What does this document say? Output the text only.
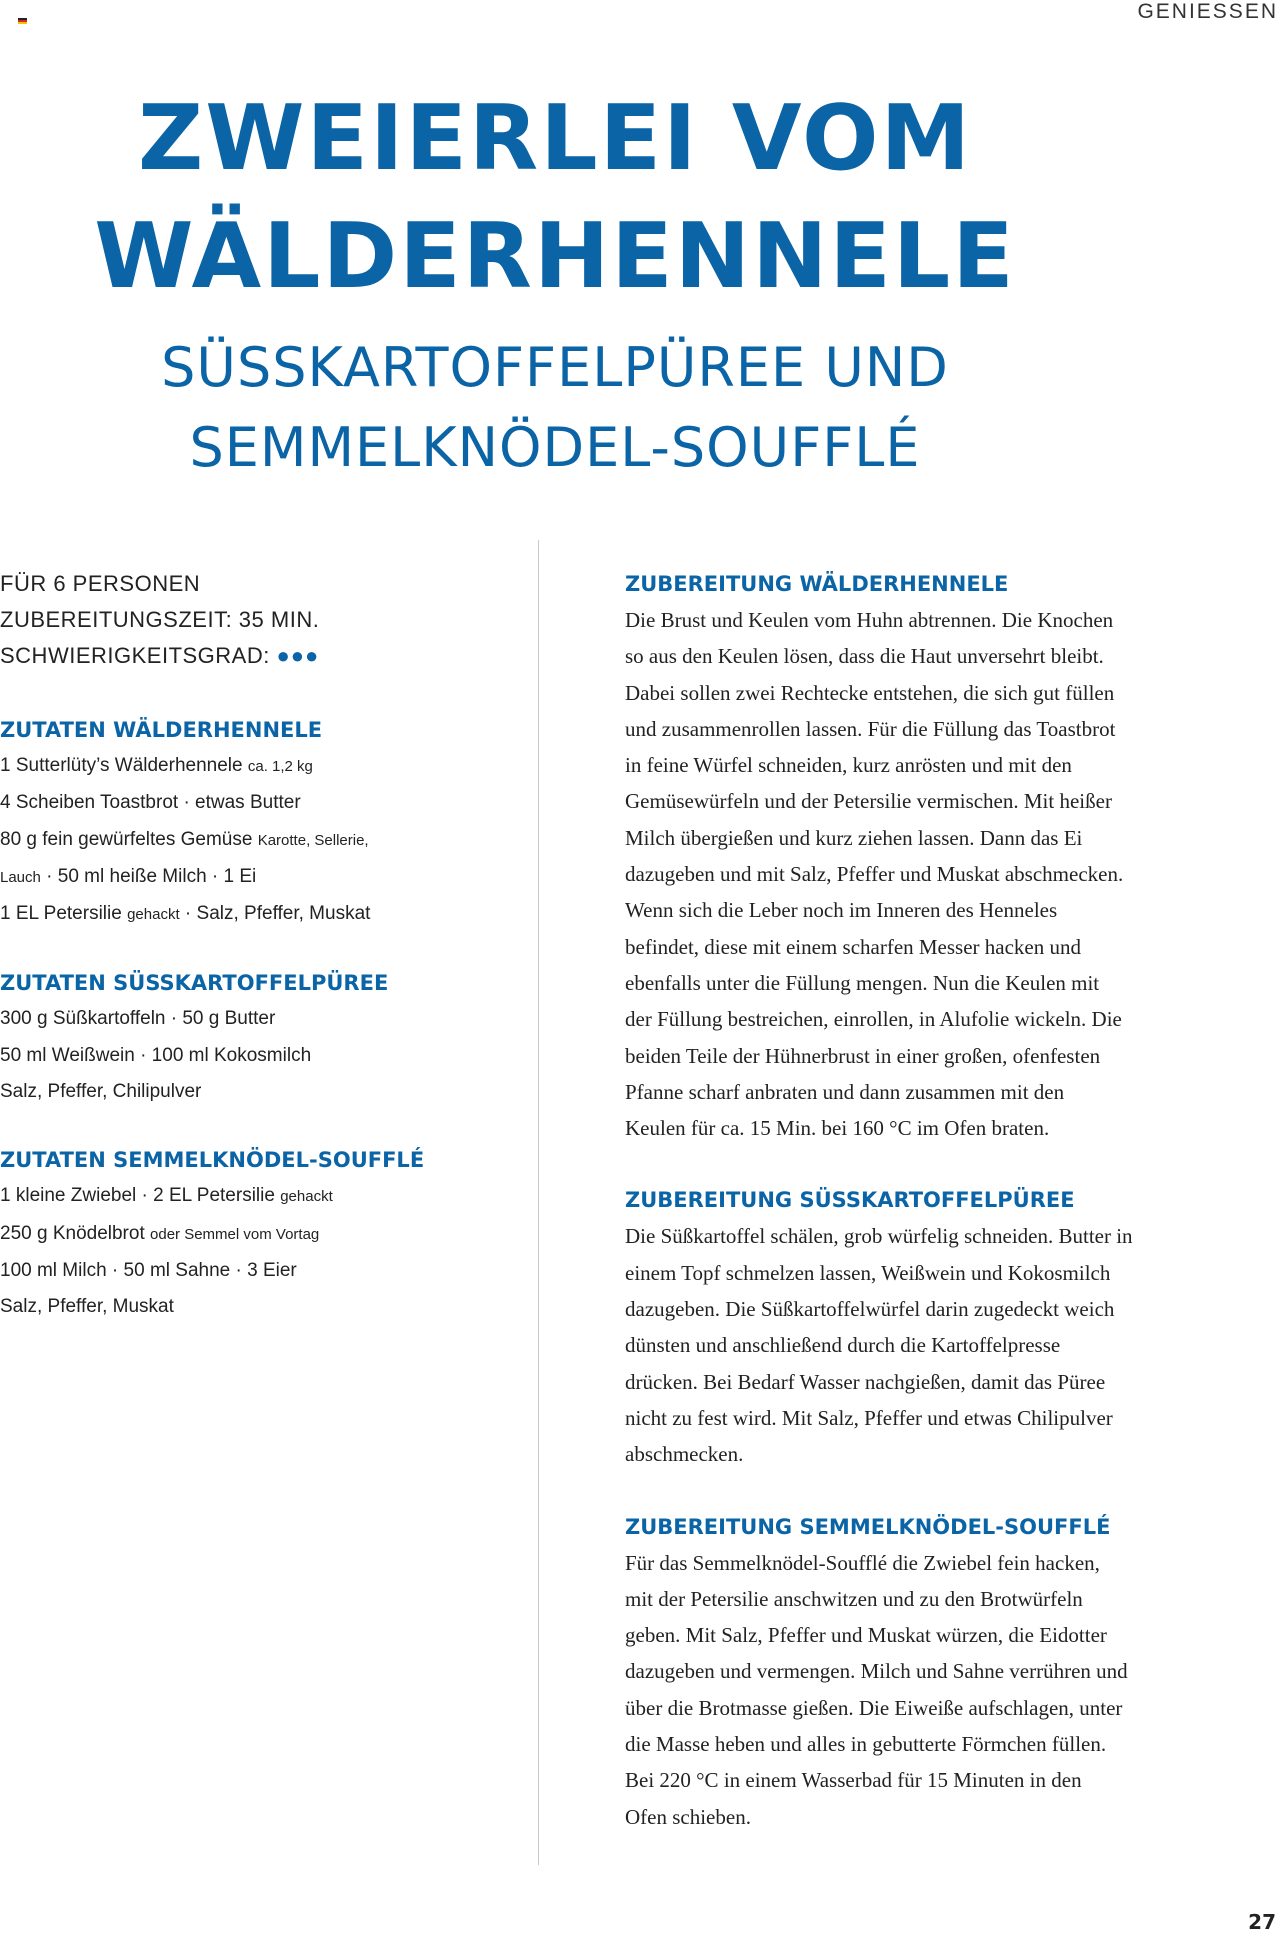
GENIESSEN
ZWEIERLEI VOM
WÄLDERHENNELE
SÜSSKARTOFFELPÜREE UND
SEMMELKNÖDEL-SOUFFLÉ
FÜR 6 PERSONEN
ZUBEREITUNGSZEIT: 35 MIN.
SCHWIERIGKEITSGRAD: ●●●
ZUTATEN WÄLDERHENNELE
1 Sutterlüty’s Wälderhennele ca. 1,2 kg
4 Scheiben Toastbrot · etwas Butter
80 g fein gewürfeltes Gemüse Karotte, Sellerie,
Lauch · 50 ml heiße Milch · 1 Ei
1 EL Petersilie gehackt · Salz, Pfeffer, Muskat
ZUTATEN SÜSSKARTOFFELPÜREE
300 g Süßkartoffeln · 50 g Butter
50 ml Weißwein · 100 ml Kokosmilch
Salz, Pfeffer, Chilipulver
ZUTATEN SEMMELKNÖDEL-SOUFFLÉ
1 kleine Zwiebel · 2 EL Petersilie gehackt
250 g Knödelbrot oder Semmel vom Vortag
100 ml Milch · 50 ml Sahne · 3 Eier
Salz, Pfeffer, Muskat
ZUBEREITUNG WÄLDERHENNELE
Die Brust und Keulen vom Huhn abtrennen. Die Knochen
so aus den Keulen lösen, dass die Haut unversehrt bleibt.
Dabei sollen zwei Rechtecke entstehen, die sich gut füllen
und zusammenrollen lassen. Für die Füllung das Toastbrot
in feine Würfel schneiden, kurz anrösten und mit den
Gemüsewürfeln und der Petersilie vermischen. Mit heißer
Milch übergießen und kurz ziehen lassen. Dann das Ei
dazugeben und mit Salz, Pfeffer und Muskat abschmecken.
Wenn sich die Leber noch im Inneren des Henneles
befindet, diese mit einem scharfen Messer hacken und
ebenfalls unter die Füllung mengen. Nun die Keulen mit
der Füllung bestreichen, einrollen, in Alufolie wickeln. Die
beiden Teile der Hühnerbrust in einer großen, ofenfesten
Pfanne scharf anbraten und dann zusammen mit den
Keulen für ca. 15 Min. bei 160 °C im Ofen braten.
ZUBEREITUNG SÜSSKARTOFFELPÜREE
Die Süßkartoffel schälen, grob würfelig schneiden. Butter in
einem Topf schmelzen lassen, Weißwein und Kokosmilch
dazugeben. Die Süßkartoffelwürfel darin zugedeckt weich
dünsten und anschließend durch die Kartoffelpresse
drücken. Bei Bedarf Wasser nachgießen, damit das Püree
nicht zu fest wird. Mit Salz, Pfeffer und etwas Chilipulver
abschmecken.
ZUBEREITUNG SEMMELKNÖDEL-SOUFFLÉ
Für das Semmelknödel-Soufflé die Zwiebel fein hacken,
mit der Petersilie anschwitzen und zu den Brotwürfeln
geben. Mit Salz, Pfeffer und Muskat würzen, die Eidotter
dazugeben und vermengen. Milch und Sahne verrühren und
über die Brotmasse gießen. Die Eiweiße aufschlagen, unter
die Masse heben und alles in gebutterte Förmchen füllen.
Bei 220 °C in einem Wasserbad für 15 Minuten in den
Ofen schieben.
27
